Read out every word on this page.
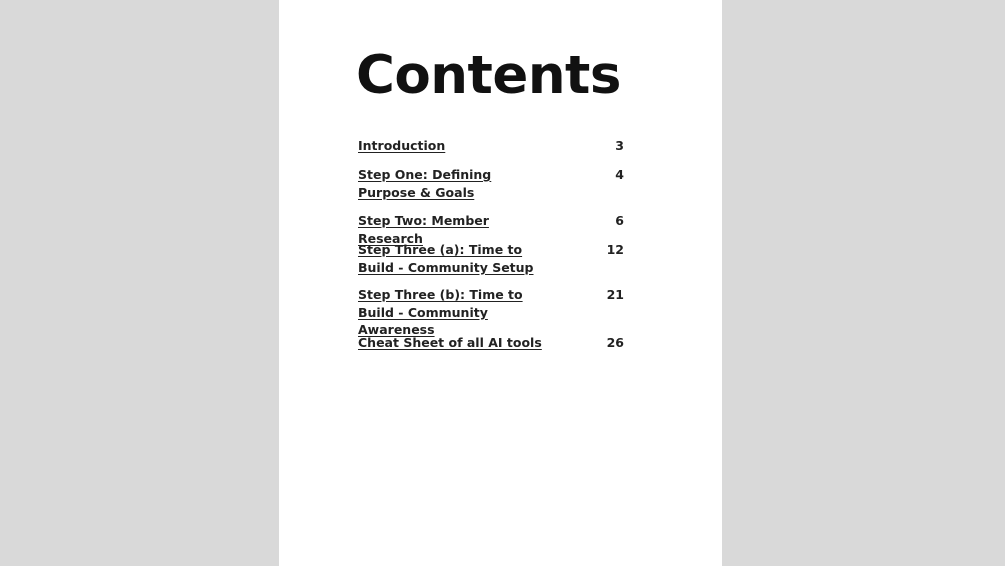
Contents
Introduction	3
Step One: Defining Purpose & Goals
4
Step Two: Member Research
6
Step Three (a): Time to Build - Community Setup
12
Step Three (b): Time to Build - Community Awareness
21
Cheat Sheet of all AI tools	26
